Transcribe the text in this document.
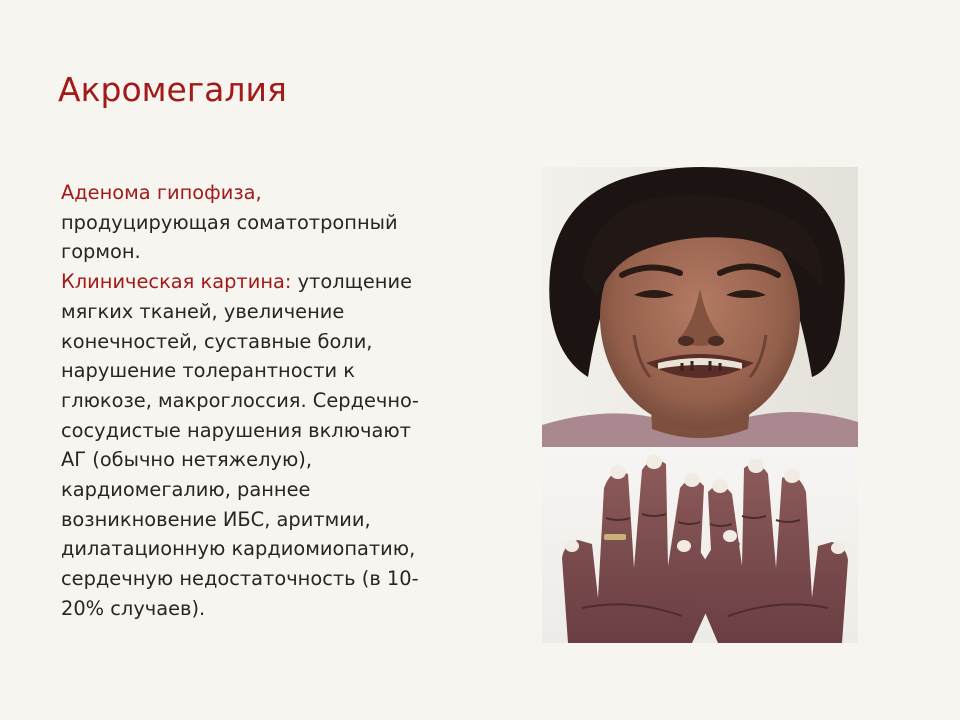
Акромегалия
Аденома гипофиза,
продуцирующая соматотропный
гормон.
Клиническая картина: утолщение
мягких тканей, увеличение
конечностей, суставные боли,
нарушение толерантности к
глюкозе, макроглоссия. Сердечно-
сосудистые нарушения включают
АГ (обычно нетяжелую),
кардиомегалию, раннее
возникновение ИБС, аритмии,
дилатационную кардиомиопатию,
сердечную недостаточность (в 10-
20% случаев).
